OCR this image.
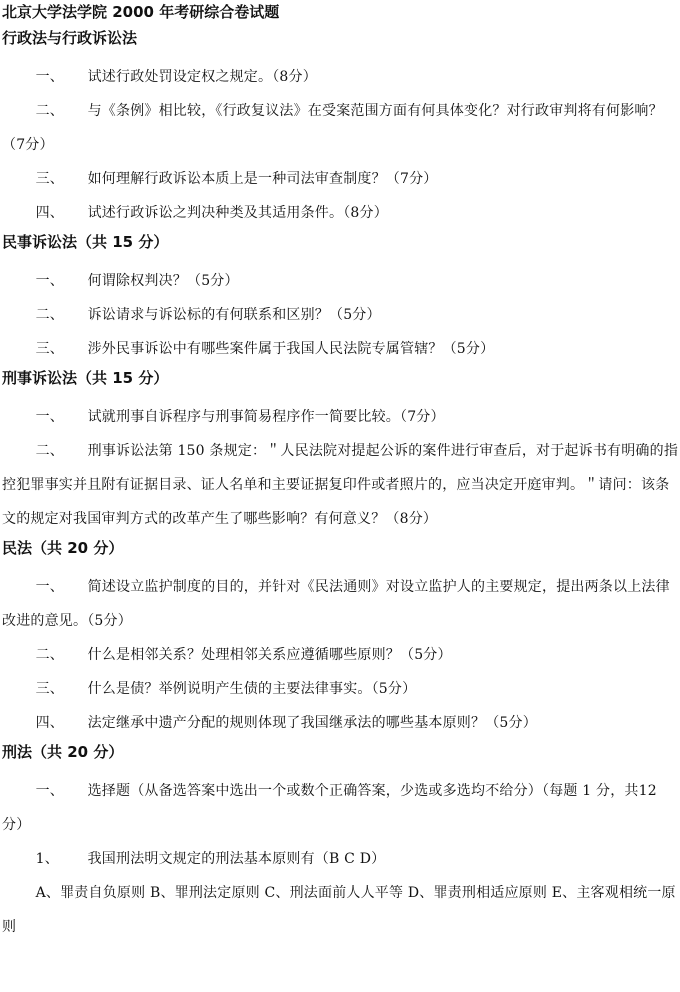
北京大学法学院 2000 年考研综合卷试题
行政法与行政诉讼法
一、 试述行政处罚设定权之规定。（8分）
二、 与《条例》相比较，《行政复议法》在受案范围方面有何具体变化？对行政审判将有何影响？（7分）
三、 如何理解行政诉讼本质上是一种司法审查制度？（7分）
四、 试述行政诉讼之判决种类及其适用条件。（8分）
民事诉讼法（共 15 分）
一、 何谓除权判决？（5分）
二、 诉讼请求与诉讼标的有何联系和区别？（5分）
三、 涉外民事诉讼中有哪些案件属于我国人民法院专属管辖？（5分）
刑事诉讼法（共 15 分）
一、 试就刑事自诉程序与刑事简易程序作一简要比较。（7分）
二、 刑事诉讼法第 150 条规定：＂人民法院对提起公诉的案件进行审查后，对于起诉书有明确的指控犯罪事实并且附有证据目录、证人名单和主要证据复印件或者照片的，应当决定开庭审判。＂请问：该条文的规定对我国审判方式的改革产生了哪些影响？有何意义？（8分）
民法（共 20 分）
一、 简述设立监护制度的目的，并针对《民法通则》对设立监护人的主要规定，提出两条以上法律改进的意见。（5分）
二、 什么是相邻关系？处理相邻关系应遵循哪些原则？（5分）
三、 什么是债？举例说明产生债的主要法律事实。（5分）
四、 法定继承中遗产分配的规则体现了我国继承法的哪些基本原则？（5分）
刑法（共 20 分）
一、 选择题（从备选答案中选出一个或数个正确答案，少选或多选均不给分）（每题 1 分，共12分）
1、 我国刑法明文规定的刑法基本原则有（B C D）
A、罪责自负原则 B、罪刑法定原则 C、刑法面前人人平等 D、罪责刑相适应原则 E、主客观相统一原则
